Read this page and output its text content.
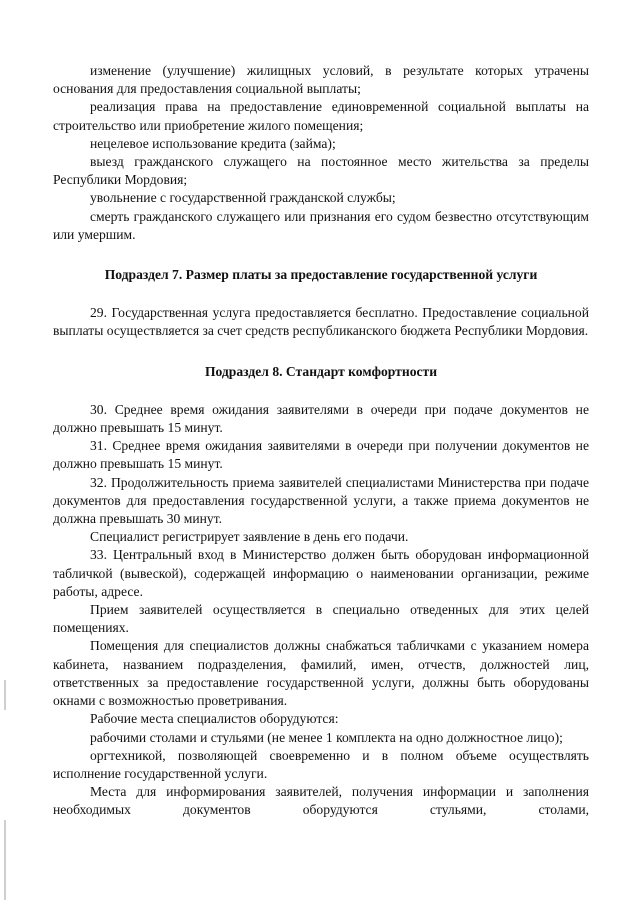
изменение (улучшение) жилищных условий, в результате которых утрачены основания для предоставления социальной выплаты;

реализация права на предоставление единовременной социальной выплаты на строительство или приобретение жилого помещения;

нецелевое использование кредита (займа);

выезд гражданского служащего на постоянное место жительства за пределы Республики Мордовия;

увольнение с государственной гражданской службы;

смерть гражданского служащего или признания его судом безвестно отсутствующим или умершим.

Подраздел 7. Размер платы за предоставление государственной услуги

29. Государственная услуга предоставляется бесплатно. Предоставление социальной выплаты осуществляется за счет средств республиканского бюджета Республики Мордовия.

Подраздел 8. Стандарт комфортности

30. Среднее время ожидания заявителями в очереди при подаче документов не должно превышать 15 минут.

31. Среднее время ожидания заявителями в очереди при получении документов не должно превышать 15 минут.

32. Продолжительность приема заявителей специалистами Министерства при подаче документов для предоставления государственной услуги, а также приема документов не должна превышать 30 минут.

Специалист регистрирует заявление в день его подачи.

33. Центральный вход в Министерство должен быть оборудован информационной табличкой (вывеской), содержащей информацию о наименовании организации, режиме работы, адресе.

Прием заявителей осуществляется в специально отведенных для этих целей помещениях.

Помещения для специалистов должны снабжаться табличками с указанием номера кабинета, названием подразделения, фамилий, имен, отчеств, должностей лиц, ответственных за предоставление государственной услуги, должны быть оборудованы окнами с возможностью проветривания.

Рабочие места специалистов оборудуются:

рабочими столами и стульями (не менее 1 комплекта на одно должностное лицо);

оргтехникой, позволяющей своевременно и в полном объеме осуществлять исполнение государственной услуги.

Места для информирования заявителей, получения информации и заполнения необходимых документов оборудуются стульями, столами,
